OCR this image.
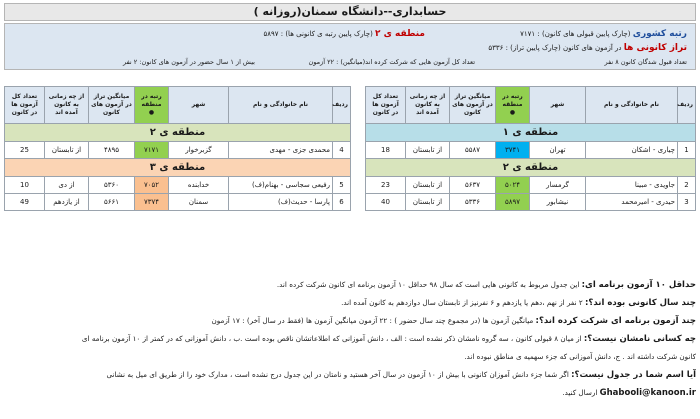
حسابداری--دانشگاه سمنان(روزانه )
رتبه کشوری (چارک پایین قبولی های کانون) : ۷۱۷۱
منطقه ی ۲ (چارک پایین رتبه ی کانونی ها) : ۵۸۹۷
تراز کانونی ها در آزمون های کانون (چارک پایین تراز) : ۵۳۳۶
تعداد قبول شدگان کانون ۸ نفر
تعداد کل آزمون هایی که شرکت کرده اند(میانگین) : ۲۲ آزمون
بیش از ۱ سال حضور در آزمون های کانون: ۲ نفر
ردیف	نام خانوادگی و نام	شهر	رتبه در منطقه
●	میانگین تراز در آزمون های کانون	از چه زمانی به کانون آمده اند	تعداد کل آزمون ها در کانون
منطقه ی ۱						
1	چیاری - اشکان	تهران	۳۷۴۱	۵۵۸۷	از تابستان	18
منطقه ی ۲						
2	جاویدی - مبینا	گرمسار	۵۰۲۴	۵۶۳۷	از تابستان	23
3	حیدری - امیرمحمد	نیشابور	۵۸۹۷	۵۳۳۶	از تابستان	40
ردیف	نام خانوادگی و نام	شهر	رتبه در منطقه
●	میانگین تراز در آزمون های کانون	از چه زمانی به کانون آمده اند	تعداد کل آزمون ها در کانون
منطقه ی ۲						
4	محمدی جزی - مهدی	گزبرخوار	۷۱۷۱	۴۸۹۵	از تابستان	25
منطقه ی ۳						
5	رفیعی سجاسی - بهنام(ف)	خدابنده	۷۰۵۲	۵۳۶۰	از دی	10
6	پارسا - حدیث(ف)	سمنان	۷۳۷۴	۵۶۶۱	از یازدهم	49

حداقل ۱۰ آزمون برنامه ای: این جدول مربوط به کانونی هایی است که سال ۹۸ حداقل ۱۰ آزمون برنامه ای کانون شرکت کرده اند.

چند سال کانونی بوده اند؟: ۲ نفر از نهم ،دهم یا یازدهم و ۶ نفرنیز از تابستان سال دوازدهم به کانون آمده اند.

چند آزمون برنامه ای شرکت کرده اند؟: میانگین آزمون ها (در مجموع چند سال حضور ) : ۲۲ آزمون میانگین آزمون ها (فقط در سال آخر) : ۱۷ آزمون

چه کسانی نامشان نیست؟: از میان ۸ قبولی کانون ، سه گروه نامشان ذکر نشده است : الف ، دانش آموزانی که اطلاعاتشان ناقص بوده است .ب ، دانش آموزانی که در کمتر از ۱۰ آزمون برنامه ای

کانون شرکت داشته اند . ج، دانش آموزانی که جزء سهمیه ی مناطق نبوده اند.

آیا اسم شما در جدول نیست؟: اگر شما جزء دانش آموزان کانونی با بیش از ۱۰ آزمون در سال آخر هستید و نامتان در این جدول درج نشده است ، مدارک خود را از طریق ای میل به نشانی

Ghabooli@kanoon.ir ارسال کنید.
